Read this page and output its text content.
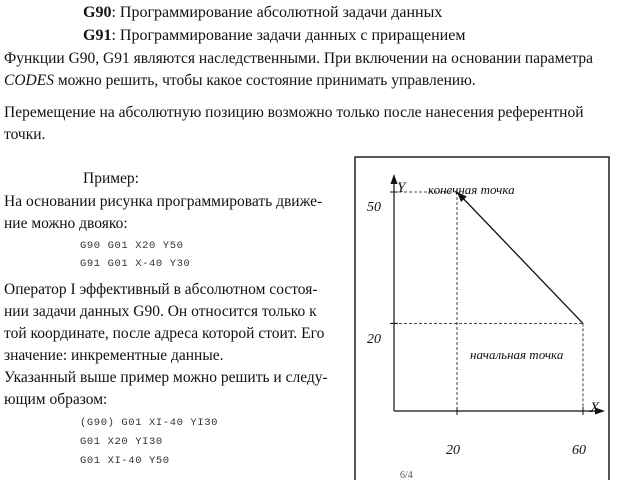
G90: Программирование абсолютной задачи данных
G91: Программирование задачи данных с приращением
Функции G90, G91 являются наследственными. При включении на основании параметра
CODES можно решить, чтобы какое состояние принимать управлению.
Перемещение на абсолютную позицию возможно только после нанесения референтной
точки.
Пример:
На основании рисунка программировать движе-
ние можно двояко:
G90 G01 X20 Y50
G91 G01 X-40 Y30
Оператор I эффективный в абсолютном состоя-
нии задачи данных G90. Он относится только к
той координате, после адреса которой стоит. Его
значение: инкрементные данные.
Указанный выше пример можно решить и следу-
ющим образом:
(G90) G01 XI-40 YI30
G01 X20 YI30
G01 XI-40 Y50
Y
X
50
20
20	60
конечная точка
начальная точка
6/4
